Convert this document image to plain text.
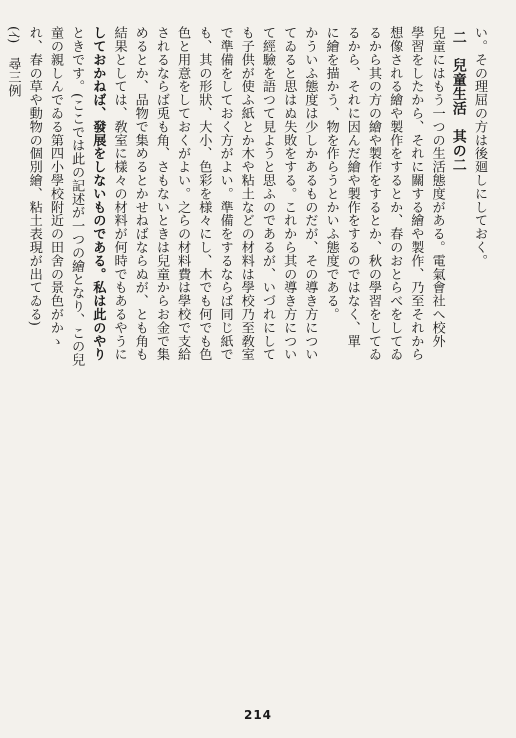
い。その理屈の方は後廻しにしておく。
二　兒童生活　其の二
兒童にはもう一つの生活態度がある。電氣會社へ校外
學習をしたから、それに關する繪や製作、乃至それから
想像される繪や製作をするとか、春のおとらべをしてゐ
るから其の方の繪や製作をするとか、秋の學習をしてゐ
るから、それに因んだ繪や製作をするのではなく、單
に繪を描かう、物を作らうとかいふ態度である。
かういふ態度は少しかあるものだが、その導き方につい
てゐると思はぬ失敗をする。これから其の導き方につい
て經驗を語つて見ようと思ふのであるが、いづれにして
も子供が使ふ紙とか木や粘土などの材料は學校乃至敎室
で準備をしておく方がよい。準備をするならば同じ紙で
も、其の形狀、大小、色彩を様々にし、木でも何でも色
色と用意をしておくがよい。之らの材料費は學校で支給
されるならば兎も角、さもないときは兒童からお金で集
めるとか、品物で集めるとかせねばならぬが、とも角も
結果としては、敎室に樣々の材料が何時でもあるやうに
しておかねば、發展をしないものである。私は此のやり
ときです。(ここでは此の記述が一つの繪となり、この兒
童の親しんでゐる第四小學校附近の田舍の景色がかゝ
れ、春の草や動物の個別繪、粘土表現が出てゐる)
(ｲ)　尋三例
214
